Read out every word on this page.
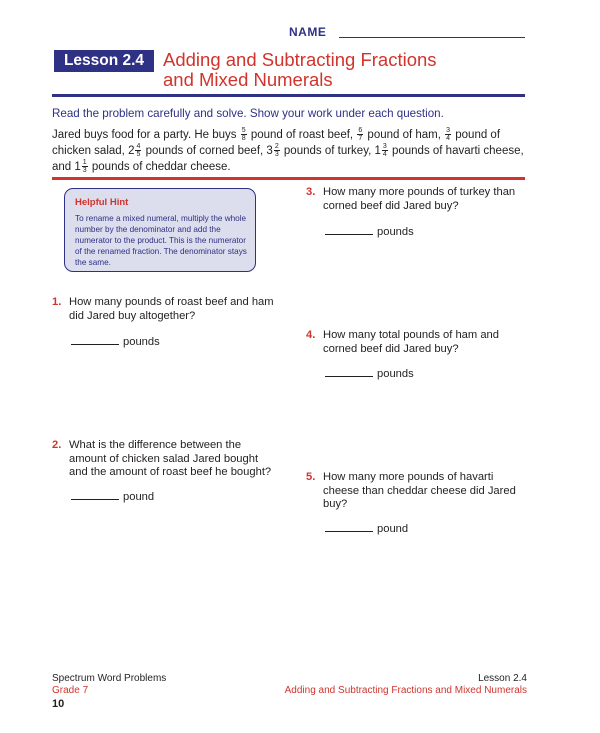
NAME
Lesson 2.4	Adding and Subtracting Fractions
and Mixed Numerals
Read the problem carefully and solve. Show your work under each question.
Jared buys food for a party. He buys $\frac{5}{8}$ pound of roast beef, $\frac{6}{7}$ pound of ham, $\frac{3}{4}$ pound of chicken salad, $2 \frac{4}{5}$ pounds of corned beef, $3 \frac{2}{3}$ pounds of turkey, $1 \frac{3}{4}$ pounds of havarti cheese, and $1 \frac{1}{3}$ pounds of cheddar cheese.
Helpful Hint
To rename a mixed numeral, multiply the whole number by the denominator and add the numerator to the product. This is the numerator of the renamed fraction. The denominator stays the same.
1. How many pounds of roast beef and ham did Jared buy altogether?
pounds
2. What is the difference between the amount of chicken salad Jared bought and the amount of roast beef he bought?
pound
3. How many more pounds of turkey than corned beef did Jared buy?
pounds
4. How many total pounds of ham and corned beef did Jared buy?
pounds
5. How many more pounds of havarti cheese than cheddar cheese did Jared buy?
pound
Spectrum Word Problems
Grade 7
10
Lesson 2.4
Adding and Subtracting Fractions and Mixed Numerals
